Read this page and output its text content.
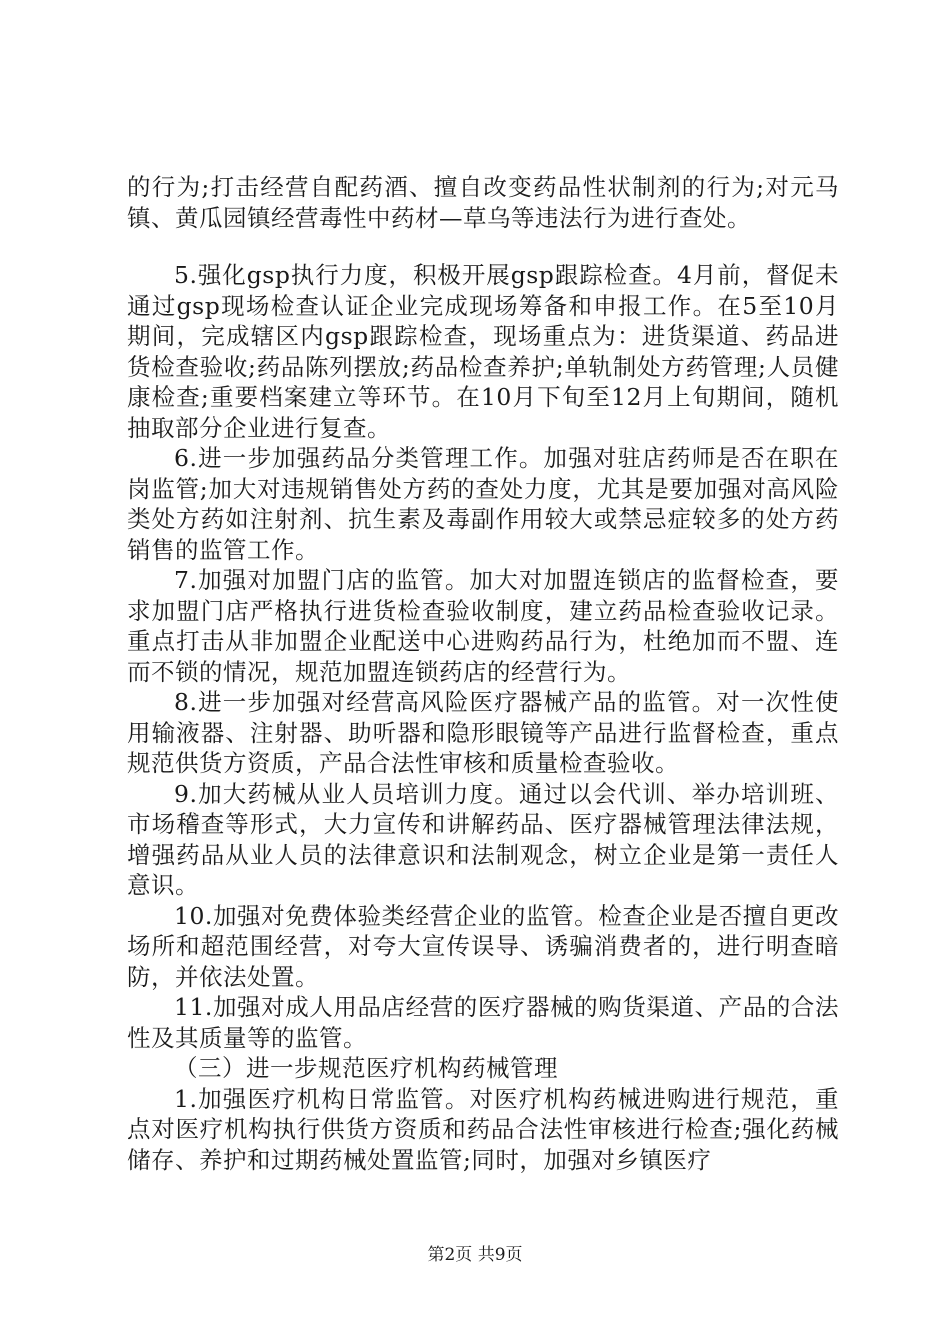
的行为;打击经营自配药酒、擅自改变药品性状制剂的行为;对元马镇、黄瓜园镇经营毒性中药材—草乌等违法行为进行查处。

5.强化gsp执行力度，积极开展gsp跟踪检查。4月前，督促未通过gsp现场检查认证企业完成现场筹备和申报工作。在5至10月期间，完成辖区内gsp跟踪检查，现场重点为：进货渠道、药品进货检查验收;药品陈列摆放;药品检查养护;单轨制处方药管理;人员健康检查;重要档案建立等环节。在10月下旬至12月上旬期间，随机抽取部分企业进行复查。

6.进一步加强药品分类管理工作。加强对驻店药师是否在职在岗监管;加大对违规销售处方药的查处力度，尤其是要加强对高风险类处方药如注射剂、抗生素及毒副作用较大或禁忌症较多的处方药销售的监管工作。

7.加强对加盟门店的监管。加大对加盟连锁店的监督检查，要求加盟门店严格执行进货检查验收制度，建立药品检查验收记录。重点打击从非加盟企业配送中心进购药品行为，杜绝加而不盟、连而不锁的情况，规范加盟连锁药店的经营行为。

8.进一步加强对经营高风险医疗器械产品的监管。对一次性使用输液器、注射器、助听器和隐形眼镜等产品进行监督检查，重点规范供货方资质，产品合法性审核和质量检查验收。

9.加大药械从业人员培训力度。通过以会代训、举办培训班、市场稽查等形式，大力宣传和讲解药品、医疗器械管理法律法规，增强药品从业人员的法律意识和法制观念，树立企业是第一责任人意识。

10.加强对免费体验类经营企业的监管。检查企业是否擅自更改场所和超范围经营，对夸大宣传误导、诱骗消费者的，进行明查暗防，并依法处置。

11.加强对成人用品店经营的医疗器械的购货渠道、产品的合法性及其质量等的监管。

（三）进一步规范医疗机构药械管理

1.加强医疗机构日常监管。对医疗机构药械进购进行规范，重点对医疗机构执行供货方资质和药品合法性审核进行检查;强化药械储存、养护和过期药械处置监管;同时，加强对乡镇医疗

第2页 共9页
